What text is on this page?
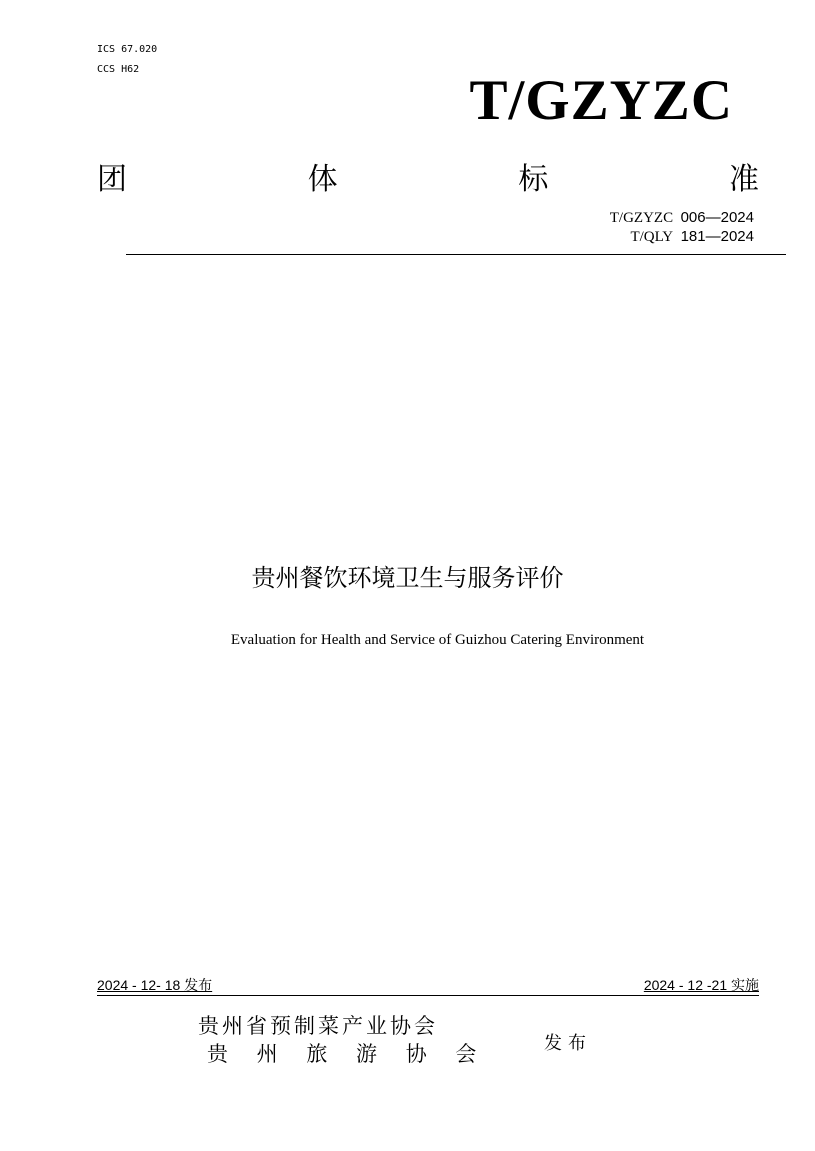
ICS 67.020
CCS H62	T/GZYZC
团	体	标	准
T/GZYZC 006—2024
T/QLY 181—2024
贵州餐饮环境卫生与服务评价
Evaluation for Health and Service of Guizhou Catering Environment
2024 - 12- 18 发布	2024 - 12 -21 实施
贵州省预制菜产业协会
贵 州 旅 游 协 会	发布
